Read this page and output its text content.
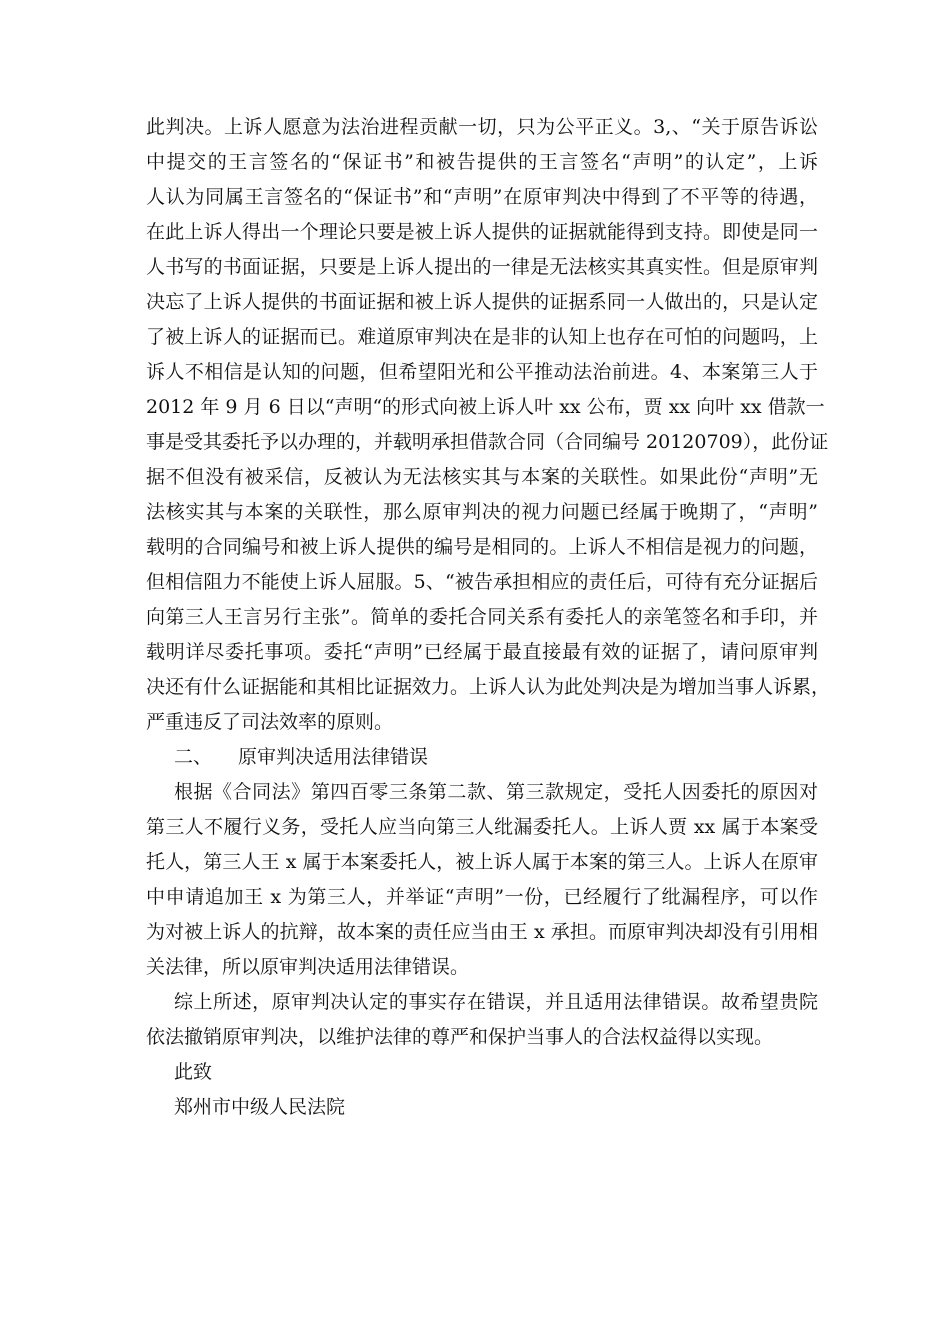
此判决。上诉人愿意为法治进程贡献一切，只为公平正义。3,、“关于原告诉讼
中提交的王言签名的“保证书”和被告提供的王言签名“声明”的认定”，上诉
人认为同属王言签名的“保证书”和“声明”在原审判决中得到了不平等的待遇，
在此上诉人得出一个理论只要是被上诉人提供的证据就能得到支持。即使是同一
人书写的书面证据，只要是上诉人提出的一律是无法核实其真实性。但是原审判
决忘了上诉人提供的书面证据和被上诉人提供的证据系同一人做出的，只是认定
了被上诉人的证据而已。难道原审判决在是非的认知上也存在可怕的问题吗，上
诉人不相信是认知的问题，但希望阳光和公平推动法治前进。4、本案第三人于
2012 年 9 月 6 日以“声明“的形式向被上诉人叶 xx 公布，贾 xx 向叶 xx 借款一
事是受其委托予以办理的，并载明承担借款合同（合同编号 20120709），此份证
据不但没有被采信，反被认为无法核实其与本案的关联性。如果此份“声明”无
法核实其与本案的关联性，那么原审判决的视力问题已经属于晚期了，“声明”
载明的合同编号和被上诉人提供的编号是相同的。上诉人不相信是视力的问题，
但相信阻力不能使上诉人屈服。5、“被告承担相应的责任后，可待有充分证据后
向第三人王言另行主张”。简单的委托合同关系有委托人的亲笔签名和手印，并
载明详尽委托事项。委托“声明”已经属于最直接最有效的证据了，请问原审判
决还有什么证据能和其相比证据效力。上诉人认为此处判决是为增加当事人诉累，
严重违反了司法效率的原则。
二、 原审判决适用法律错误
根据《合同法》第四百零三条第二款、第三款规定，受托人因委托的原因对
第三人不履行义务，受托人应当向第三人纰漏委托人。上诉人贾 xx 属于本案受
托人，第三人王 x 属于本案委托人，被上诉人属于本案的第三人。上诉人在原审
中申请追加王 x 为第三人，并举证“声明”一份，已经履行了纰漏程序，可以作
为对被上诉人的抗辩，故本案的责任应当由王 x 承担。而原审判决却没有引用相
关法律，所以原审判决适用法律错误。
综上所述，原审判决认定的事实存在错误，并且适用法律错误。故希望贵院
依法撤销原审判决，以维护法律的尊严和保护当事人的合法权益得以实现。
此致
郑州市中级人民法院
